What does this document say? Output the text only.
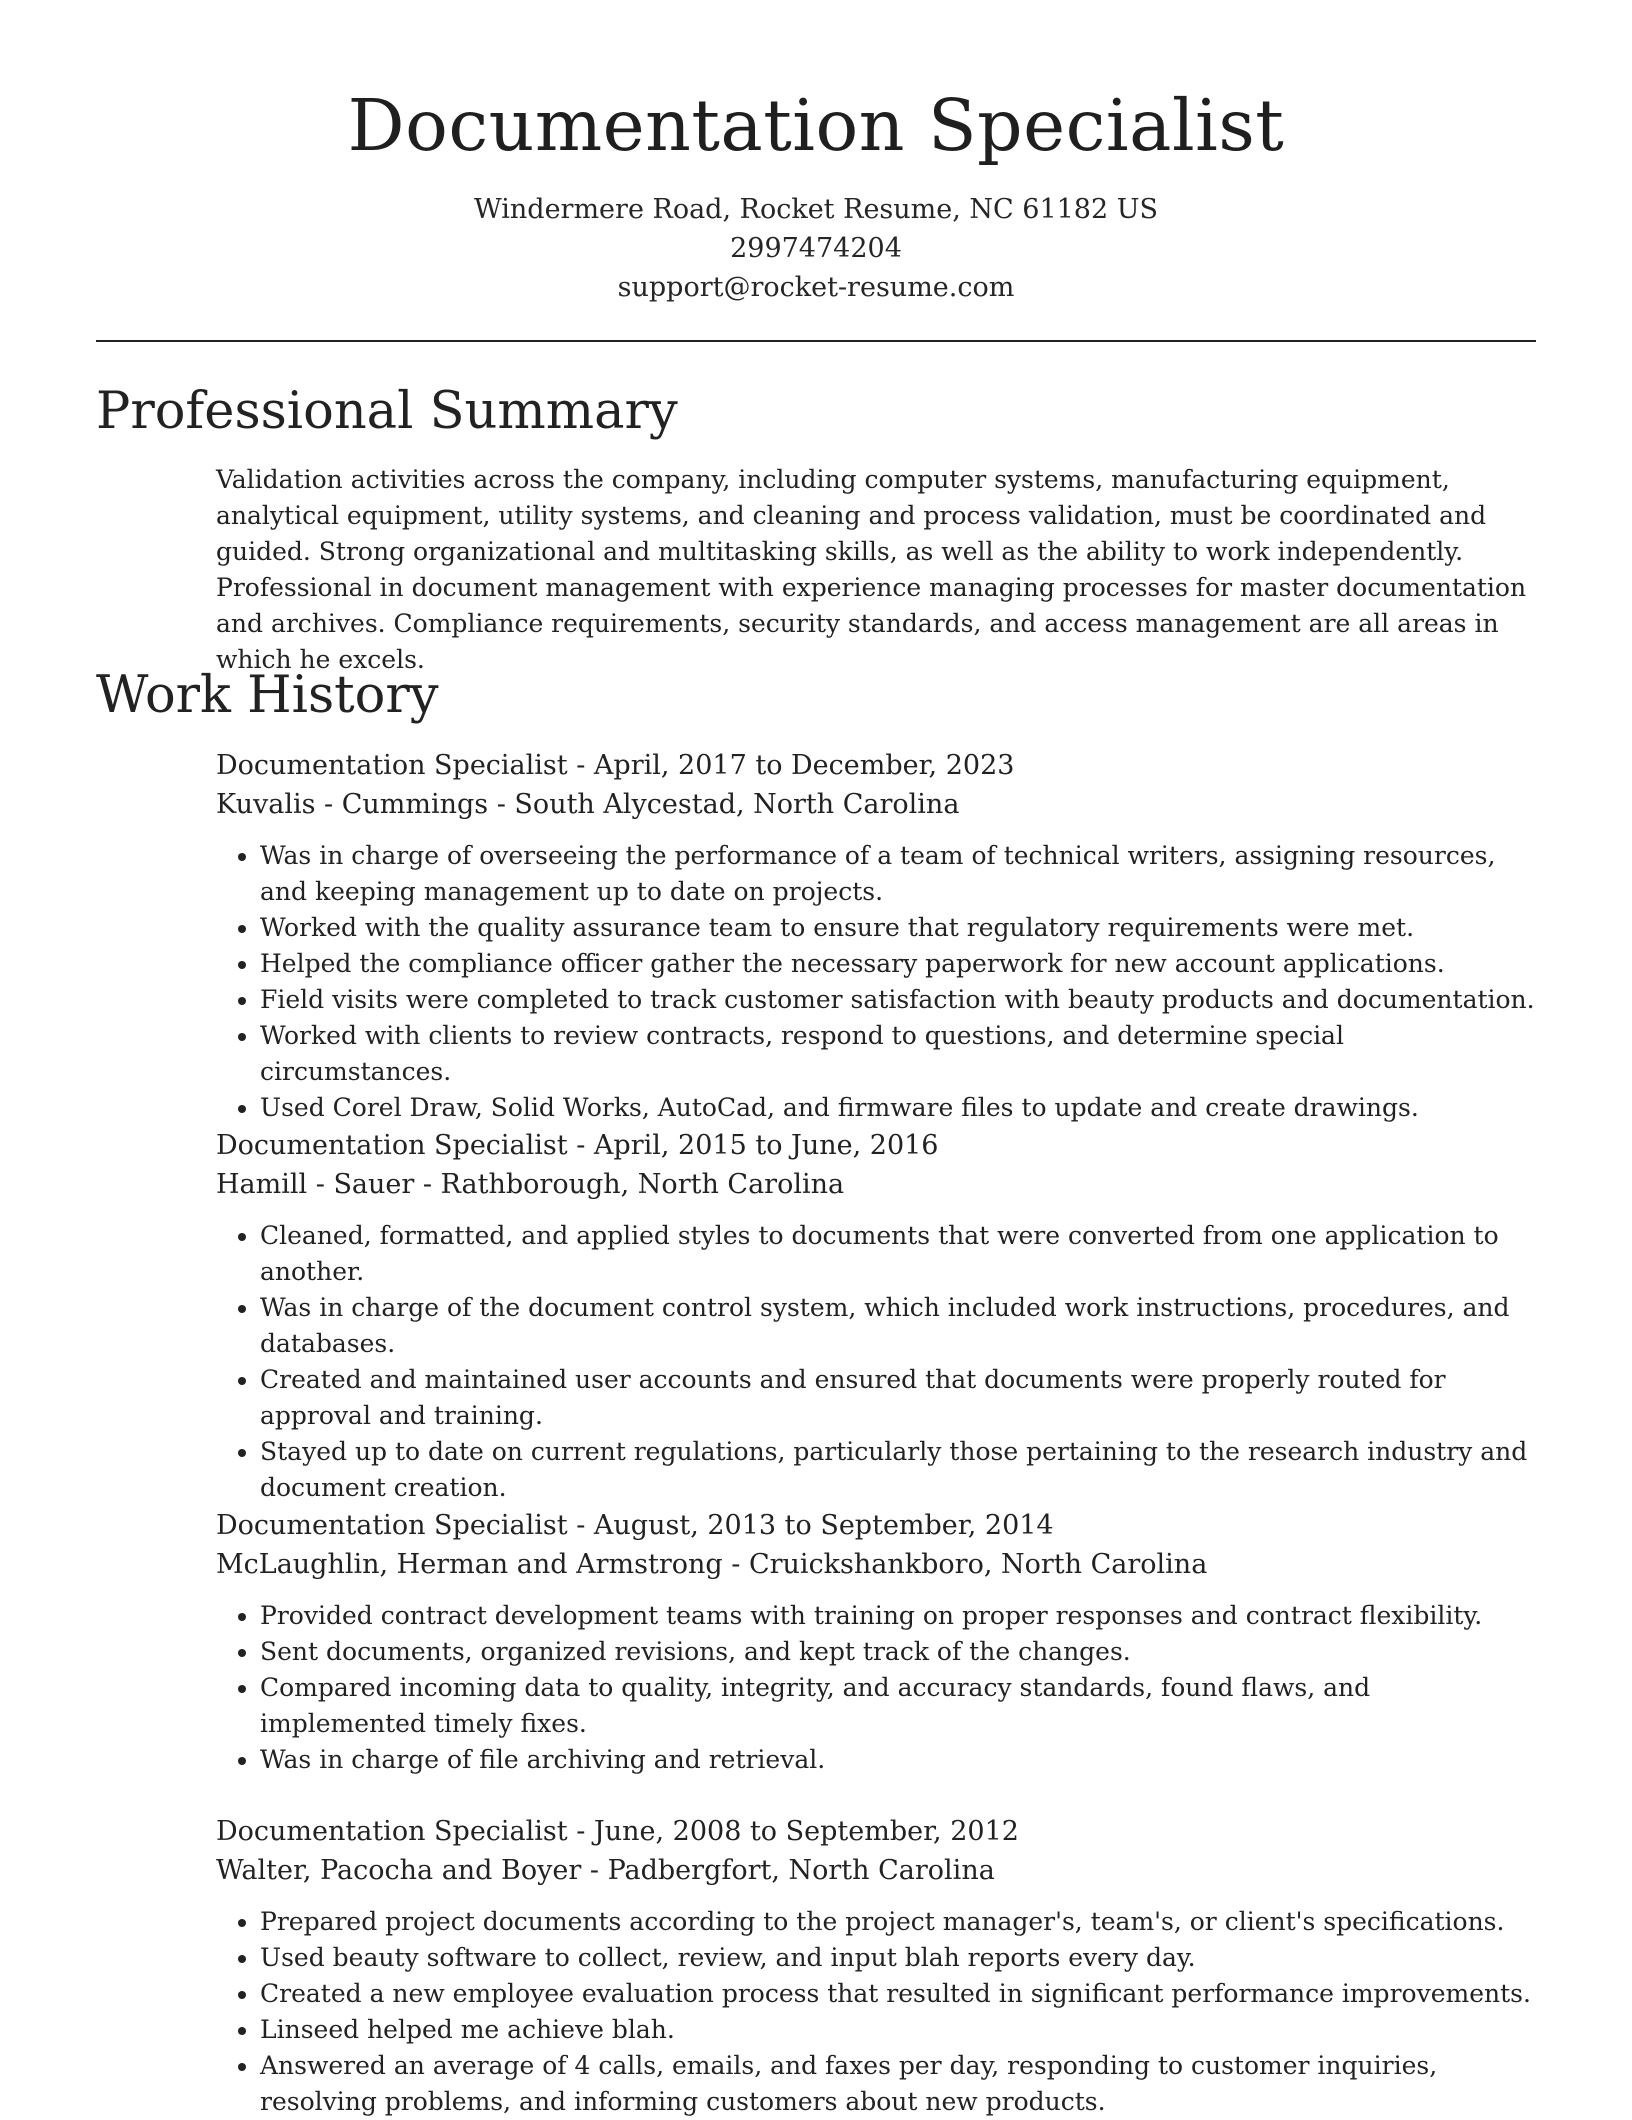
Documentation Specialist
Windermere Road, Rocket Resume, NC 61182 US
2997474204
support@rocket-resume.com
Professional Summary

Validation activities across the company, including computer systems, manufacturing equipment, analytical equipment, utility systems, and cleaning and process validation, must be coordinated and guided. Strong organizational and multitasking skills, as well as the ability to work independently. Professional in document management with experience managing processes for master documentation and archives. Compliance requirements, security standards, and access management are all areas in which he excels.

Work History
Documentation Specialist - April, 2017 to December, 2023
Kuvalis - Cummings - South Alycestad, North Carolina
• Was in charge of overseeing the performance of a team of technical writers, assigning resources, and keeping management up to date on projects.
• Worked with the quality assurance team to ensure that regulatory requirements were met.
• Helped the compliance officer gather the necessary paperwork for new account applications.
• Field visits were completed to track customer satisfaction with beauty products and documentation.
• Worked with clients to review contracts, respond to questions, and determine special circumstances.
• Used Corel Draw, Solid Works, AutoCad, and firmware files to update and create drawings.
Documentation Specialist - April, 2015 to June, 2016
Hamill - Sauer - Rathborough, North Carolina
• Cleaned, formatted, and applied styles to documents that were converted from one application to another.
• Was in charge of the document control system, which included work instructions, procedures, and databases.
• Created and maintained user accounts and ensured that documents were properly routed for approval and training.
• Stayed up to date on current regulations, particularly those pertaining to the research industry and document creation.
Documentation Specialist - August, 2013 to September, 2014
McLaughlin, Herman and Armstrong - Cruickshankboro, North Carolina
• Provided contract development teams with training on proper responses and contract flexibility.
• Sent documents, organized revisions, and kept track of the changes.
• Compared incoming data to quality, integrity, and accuracy standards, found flaws, and implemented timely fixes.
• Was in charge of file archiving and retrieval.
Documentation Specialist - June, 2008 to September, 2012
Walter, Pacocha and Boyer - Padbergfort, North Carolina
• Prepared project documents according to the project manager's, team's, or client's specifications.
• Used beauty software to collect, review, and input blah reports every day.
• Created a new employee evaluation process that resulted in significant performance improvements.
• Linseed helped me achieve blah.
• Answered an average of 4 calls, emails, and faxes per day, responding to customer inquiries, resolving problems, and informing customers about new products.
